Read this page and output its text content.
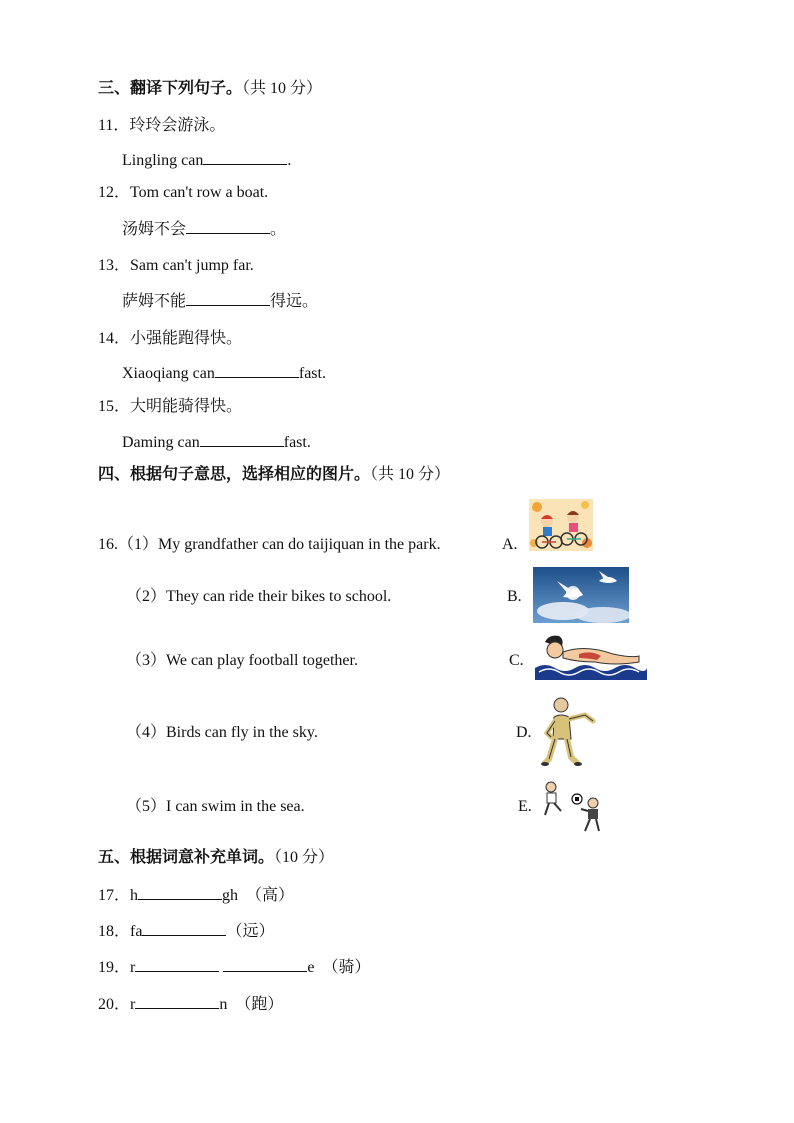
三、翻译下列句子。（共 10 分）
11．玲玲会游泳。
Lingling can	.
12．Tom can't row a boat.
汤姆不会	。
13．Sam can't jump far.
萨姆不能	得远。
14．小强能跑得快。
Xiaoqiang can	fast.
15．大明能骑得快。
Daming can	fast.
四、根据句子意思，选择相应的图片。（共 10 分）
16.（1）My grandfather can do taijiquan in the park.	A.
（2）They can ride their bikes to school.	B.
（3）We can play football together.	C.
（4）Birds can fly in the sky.	D.
（5）I can swim in the sea.	E.
五、根据词意补充单词。（10 分）
17．h	gh （高）
18．fa	（远）
19．r	e （骑）
20．r	n （跑）
